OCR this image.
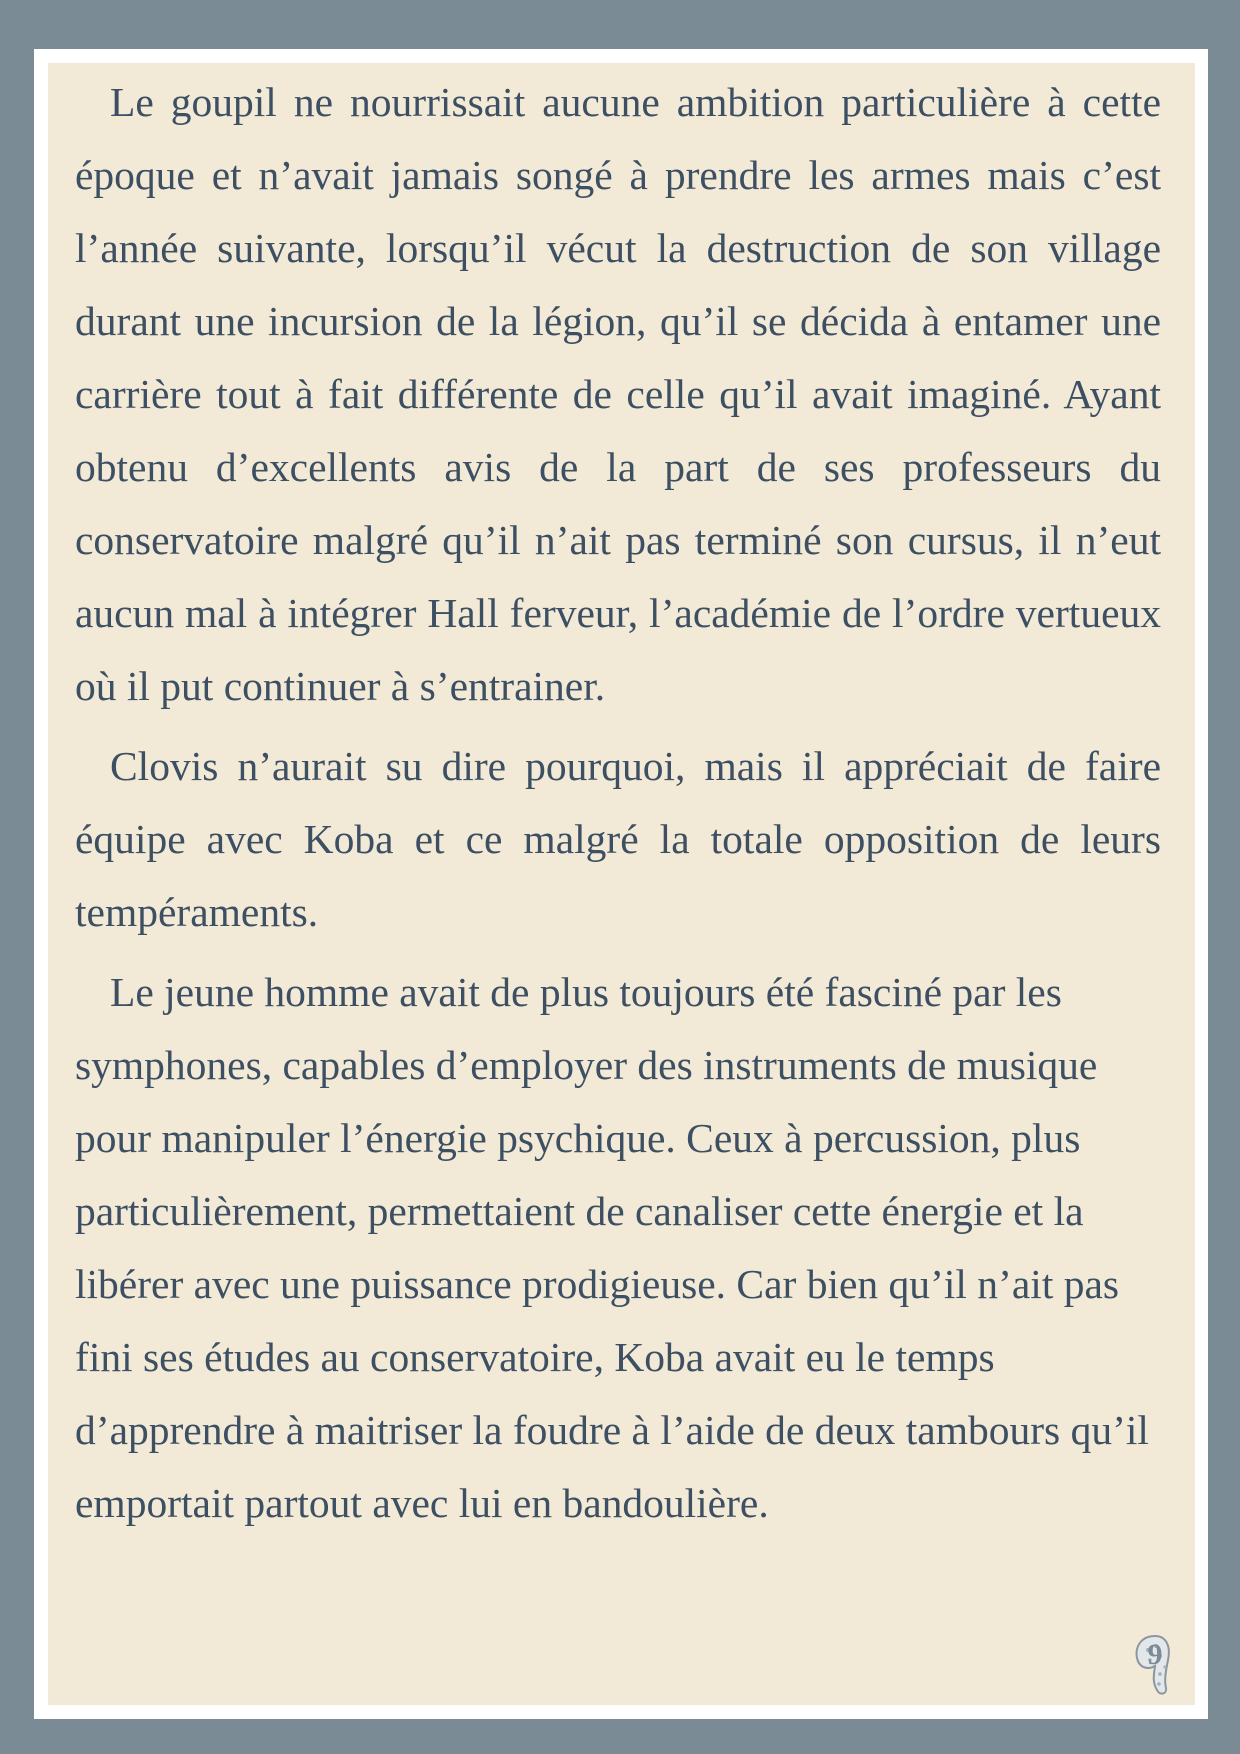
Le goupil ne nourrissait aucune ambition particulière à cette époque et n’avait jamais songé à prendre les armes mais c’est l’année suivante, lorsqu’il vécut la destruction de son village durant une incursion de la légion, qu’il se décida à entamer une carrière tout à fait différente de celle qu’il avait imaginé. Ayant obtenu d’excellents avis de la part de ses professeurs du conservatoire malgré qu’il n’ait pas terminé son cursus, il n’eut aucun mal à intégrer Hall ferveur, l’académie de l’ordre vertueux où il put continuer à s’entrainer.

Clovis n’aurait su dire pourquoi, mais il appréciait de faire équipe avec Koba et ce malgré la totale opposition de leurs tempéraments.

Le jeune homme avait de plus toujours été fasciné par les symphones, capables d’employer des instruments de musique pour manipuler l’énergie psychique. Ceux à percussion, plus particulièrement, permettaient de canaliser cette énergie et la libérer avec une puissance prodigieuse. Car bien qu’il n’ait pas fini ses études au conservatoire, Koba avait eu le temps d’apprendre à maitriser la foudre à l’aide de deux tambours qu’il emportait partout avec lui en bandoulière.

9
